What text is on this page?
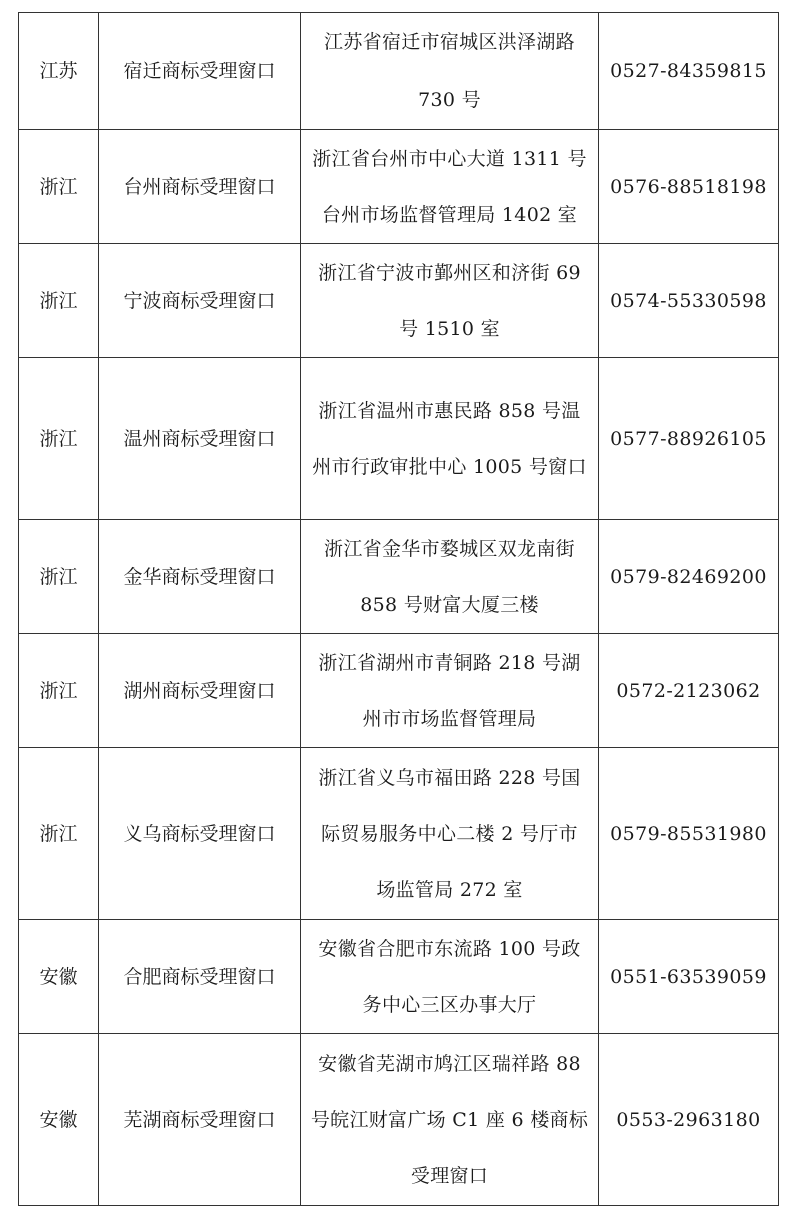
江苏	宿迁商标受理窗口	江苏省宿迁市宿城区洪泽湖路
730 号	0527-84359815
浙江	台州商标受理窗口	浙江省台州市中心大道 1311 号
台州市场监督管理局 1402 室	0576-88518198
浙江	宁波商标受理窗口	浙江省宁波市鄞州区和济街 69
号 1510 室	0574-55330598
浙江	温州商标受理窗口	浙江省温州市惠民路 858 号温
州市行政审批中心 1005 号窗口	0577-88926105
浙江	金华商标受理窗口	浙江省金华市婺城区双龙南街
858 号财富大厦三楼	0579-82469200
浙江	湖州商标受理窗口	浙江省湖州市青铜路 218 号湖
州市市场监督管理局	0572-2123062
浙江	义乌商标受理窗口	浙江省义乌市福田路 228 号国
际贸易服务中心二楼 2 号厅市
场监管局 272 室	0579-85531980
安徽	合肥商标受理窗口	安徽省合肥市东流路 100 号政
务中心三区办事大厅	0551-63539059
安徽	芜湖商标受理窗口	安徽省芜湖市鸠江区瑞祥路 88
号皖江财富广场 C1 座 6 楼商标
受理窗口	0553-2963180
